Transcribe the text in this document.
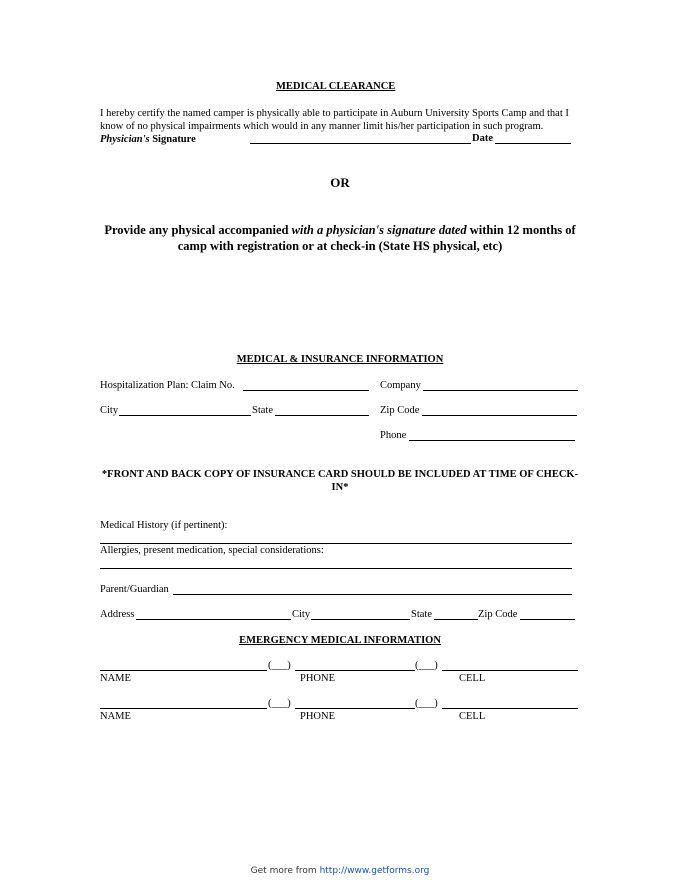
MEDICAL CLEARANCE
I hereby certify the named camper is physically able to participate in Auburn University Sports Camp and that I know of no physical impairments which would in any manner limit his/her participation in such program. Physician's Signature	Date
OR
Provide any physical accompanied with a physician's signature dated within 12 months of camp with registration or at check-in (State HS physical, etc)
MEDICAL & INSURANCE INFORMATION
Hospitalization Plan: Claim No.	Company
City	State	Zip Code
Phone
*FRONT AND BACK COPY OF INSURANCE CARD SHOULD BE INCLUDED AT TIME OF CHECK-IN*
Medical History (if pertinent):
Allergies, present medication, special considerations:
Parent/Guardian
Address	City	State	Zip Code
EMERGENCY MEDICAL INFORMATION
(___)	(___)
NAME	PHONE	CELL
(___)	(___)
NAME	PHONE	CELL
Get more from http://www.getforms.org
